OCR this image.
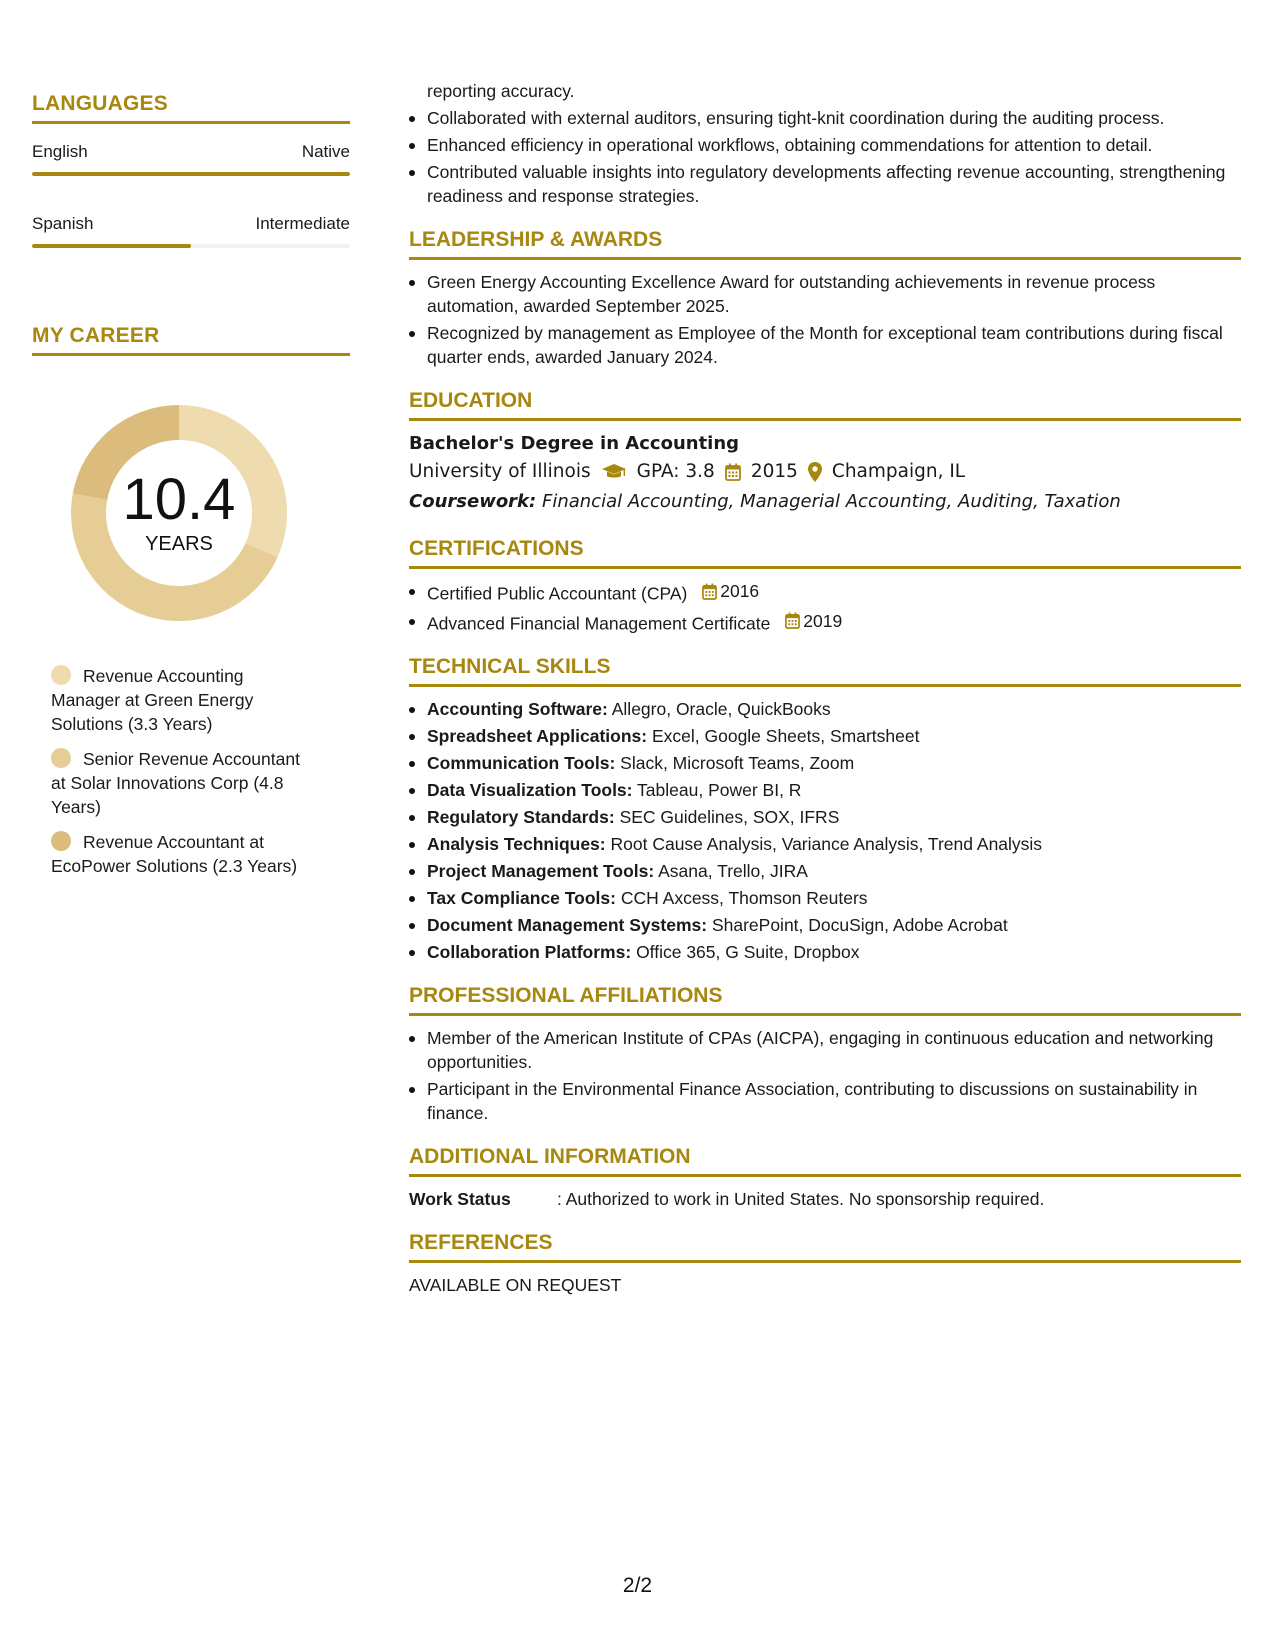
LANGUAGES
English	Native
Spanish	Intermediate
MY CAREER
10.4
YEARS
Revenue Accounting Manager at Green Energy Solutions (3.3 Years)
Senior Revenue Accountant at Solar Innovations Corp (4.8 Years)
Revenue Accountant at EcoPower Solutions (2.3 Years)
reporting accuracy.
Collaborated with external auditors, ensuring tight-knit coordination during the auditing process.
Enhanced efficiency in operational workflows, obtaining commendations for attention to detail.
Contributed valuable insights into regulatory developments affecting revenue accounting, strengthening readiness and response strategies.
LEADERSHIP & AWARDS
Green Energy Accounting Excellence Award for outstanding achievements in revenue process automation, awarded September 2025.
Recognized by management as Employee of the Month for exceptional team contributions during fiscal quarter ends, awarded January 2024.
EDUCATION
Bachelor's Degree in Accounting
University of Illinois GPA: 3.8 2015 Champaign, IL
Coursework: Financial Accounting, Managerial Accounting, Auditing, Taxation
CERTIFICATIONS
Certified Public Accountant (CPA) 2016
Advanced Financial Management Certificate 2019
TECHNICAL SKILLS
Accounting Software: Allegro, Oracle, QuickBooks
Spreadsheet Applications: Excel, Google Sheets, Smartsheet
Communication Tools: Slack, Microsoft Teams, Zoom
Data Visualization Tools: Tableau, Power BI, R
Regulatory Standards: SEC Guidelines, SOX, IFRS
Analysis Techniques: Root Cause Analysis, Variance Analysis, Trend Analysis
Project Management Tools: Asana, Trello, JIRA
Tax Compliance Tools: CCH Axcess, Thomson Reuters
Document Management Systems: SharePoint, DocuSign, Adobe Acrobat
Collaboration Platforms: Office 365, G Suite, Dropbox
PROFESSIONAL AFFILIATIONS
Member of the American Institute of CPAs (AICPA), engaging in continuous education and networking opportunities.
Participant in the Environmental Finance Association, contributing to discussions on sustainability in finance.
ADDITIONAL INFORMATION
Work Status	: Authorized to work in United States. No sponsorship required.
REFERENCES
AVAILABLE ON REQUEST
2/2
